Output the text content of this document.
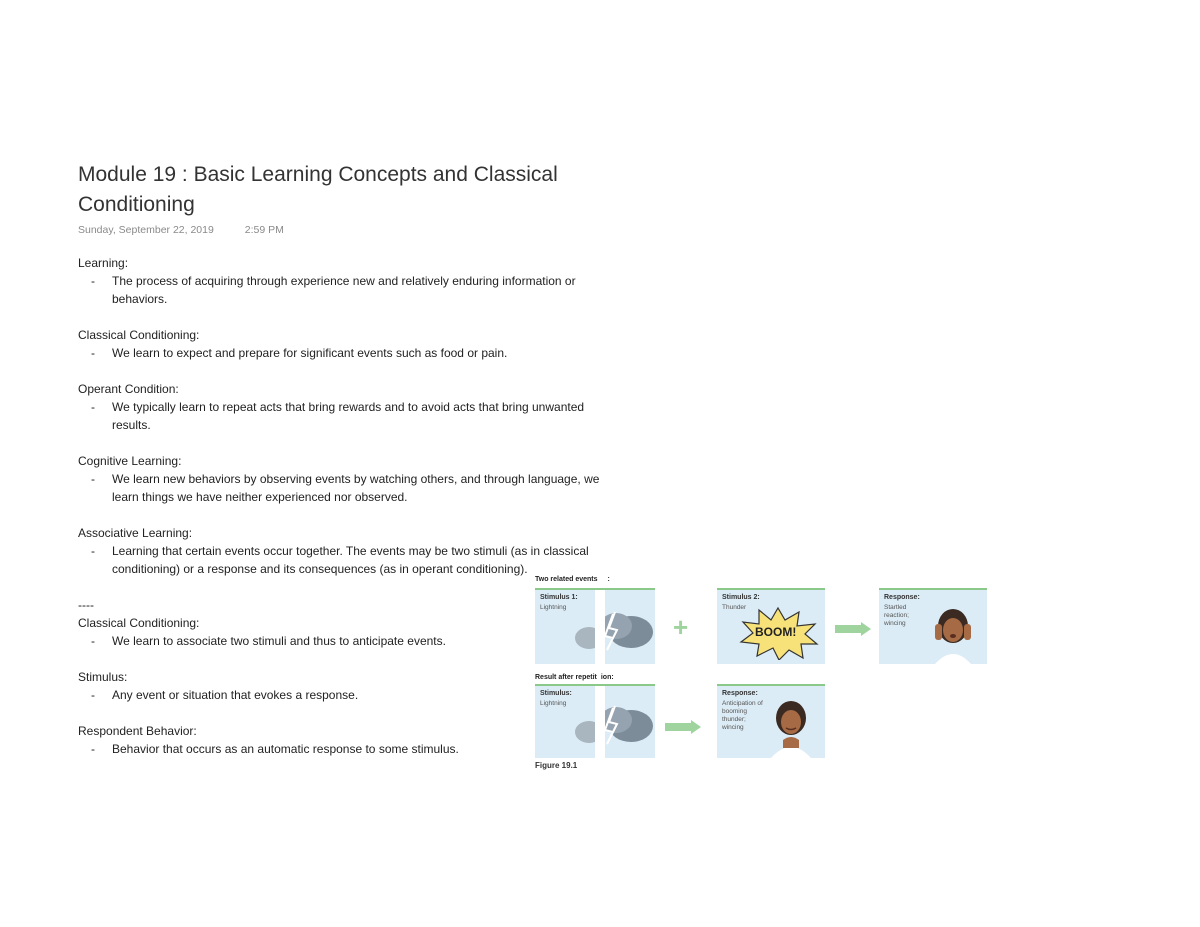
Module 19 : Basic Learning Concepts and Classical Conditioning
Sunday, September 22, 2019	2:59 PM

Learning:

- The process of acquiring through experience new and relatively enduring information or behaviors.

Classical Conditioning:

- We learn to expect and prepare for significant events such as food or pain.

Operant Condition:

- We typically learn to repeat acts that bring rewards and to avoid acts that bring unwanted results.

Cognitive Learning:

- We learn new behaviors by observing events by watching others, and through language, we learn things we have neither experienced nor observed.

Associative Learning:

- Learning that certain events occur together. The events may be two stimuli (as in classical conditioning) or a response and its consequences (as in operant conditioning).

----

Classical Conditioning:

- We learn to associate two stimuli and thus to anticipate events.

Stimulus:

- Any event or situation that evokes a response.

Respondent Behavior:

- Behavior that occurs as an automatic response to some stimulus.

Two related events :
Stimulus 1:
Lightning
+
Stimulus 2:
Thunder
BOOM!
Response:
Startled reaction; wincing
Result after repetit ion:
Stimulus:
Lightning
Response:
Anticipation of booming thunder; wincing
Figure 19.1
